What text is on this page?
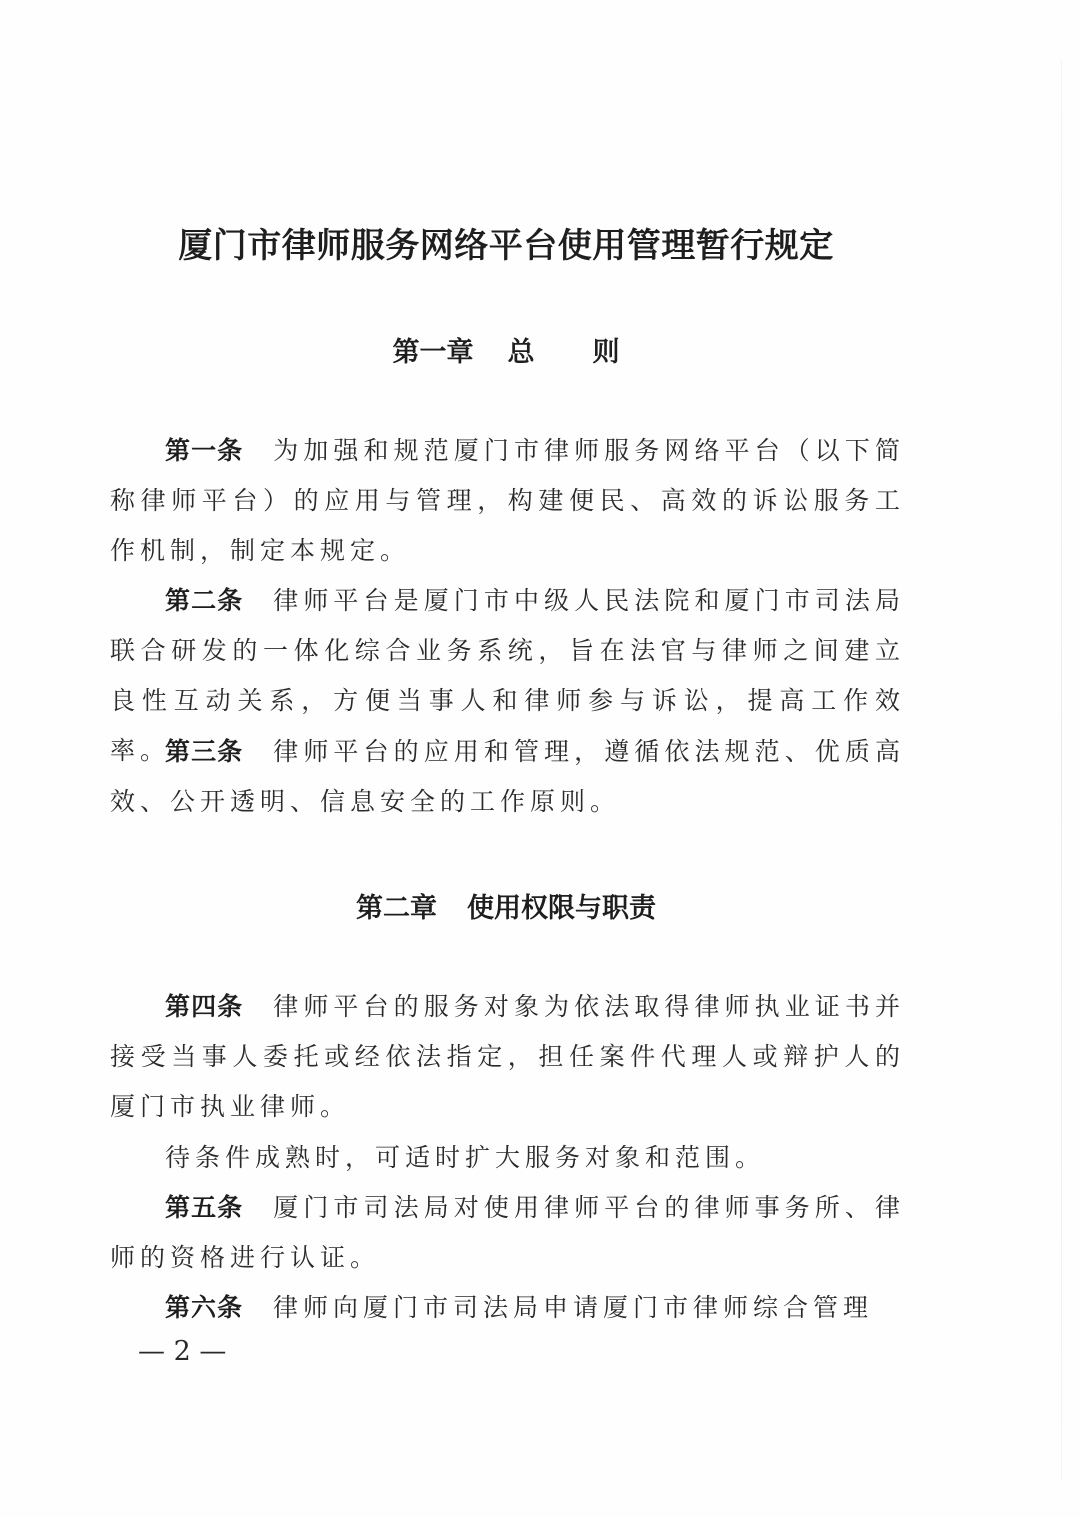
厦门市律师服务网络平台使用管理暂行规定
第一章 总 则
第一条 为加强和规范厦门市律师服务网络平台（以下简称律师平台）的应用与管理，构建便民、高效的诉讼服务工作机制，制定本规定。
第二条 律师平台是厦门市中级人民法院和厦门市司法局联合研发的一体化综合业务系统，旨在法官与律师之间建立良性互动关系，方便当事人和律师参与诉讼，提高工作效率。
第三条 律师平台的应用和管理，遵循依法规范、优质高效、公开透明、信息安全的工作原则。
第二章 使用权限与职责
第四条 律师平台的服务对象为依法取得律师执业证书并接受当事人委托或经依法指定，担任案件代理人或辩护人的厦门市执业律师。
待条件成熟时，可适时扩大服务对象和范围。
第五条 厦门市司法局对使用律师平台的律师事务所、律师的资格进行认证。
第六条 律师向厦门市司法局申请厦门市律师综合管理
— 2 —
